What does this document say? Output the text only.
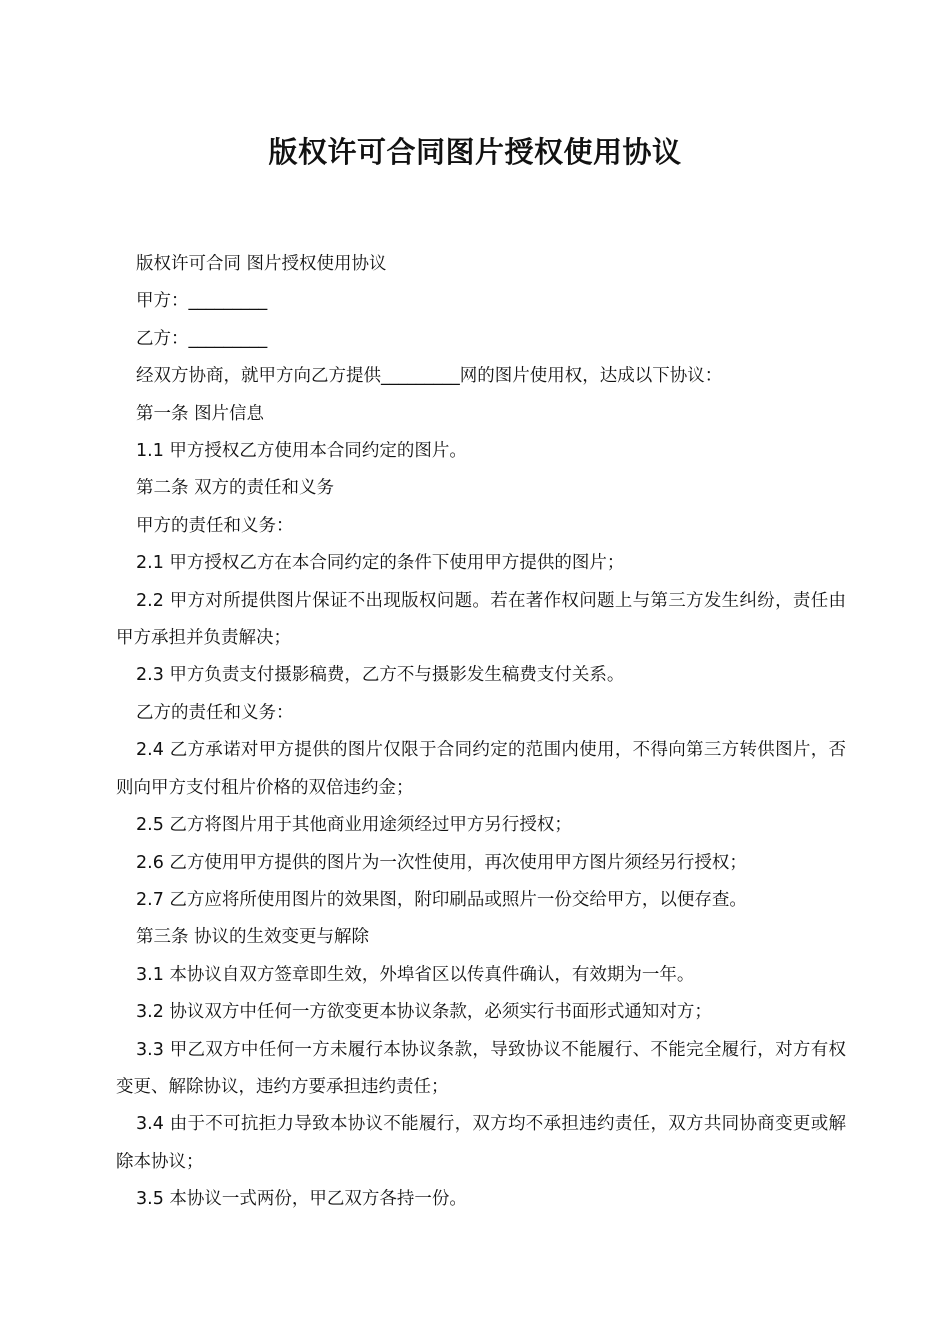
版权许可合同图片授权使用协议

版权许可合同 图片授权使用协议

甲方：_________

乙方：_________

经双方协商，就甲方向乙方提供_________网的图片使用权，达成以下协议：

第一条 图片信息

1.1 甲方授权乙方使用本合同约定的图片。

第二条 双方的责任和义务

甲方的责任和义务：

2.1 甲方授权乙方在本合同约定的条件下使用甲方提供的图片；

2.2 甲方对所提供图片保证不出现版权问题。若在著作权问题上与第三方发生纠纷，责任由甲方承担并负责解决；

2.3 甲方负责支付摄影稿费，乙方不与摄影发生稿费支付关系。

乙方的责任和义务：

2.4 乙方承诺对甲方提供的图片仅限于合同约定的范围内使用，不得向第三方转供图片，否则向甲方支付租片价格的双倍违约金；

2.5 乙方将图片用于其他商业用途须经过甲方另行授权；

2.6 乙方使用甲方提供的图片为一次性使用，再次使用甲方图片须经另行授权；

2.7 乙方应将所使用图片的效果图，附印刷品或照片一份交给甲方，以便存查。

第三条 协议的生效变更与解除

3.1 本协议自双方签章即生效，外埠省区以传真件确认，有效期为一年。

3.2 协议双方中任何一方欲变更本协议条款，必须实行书面形式通知对方；

3.3 甲乙双方中任何一方未履行本协议条款，导致协议不能履行、不能完全履行，对方有权变更、解除协议，违约方要承担违约责任；

3.4 由于不可抗拒力导致本协议不能履行，双方均不承担违约责任，双方共同协商变更或解除本协议；

3.5 本协议一式两份，甲乙双方各持一份。
